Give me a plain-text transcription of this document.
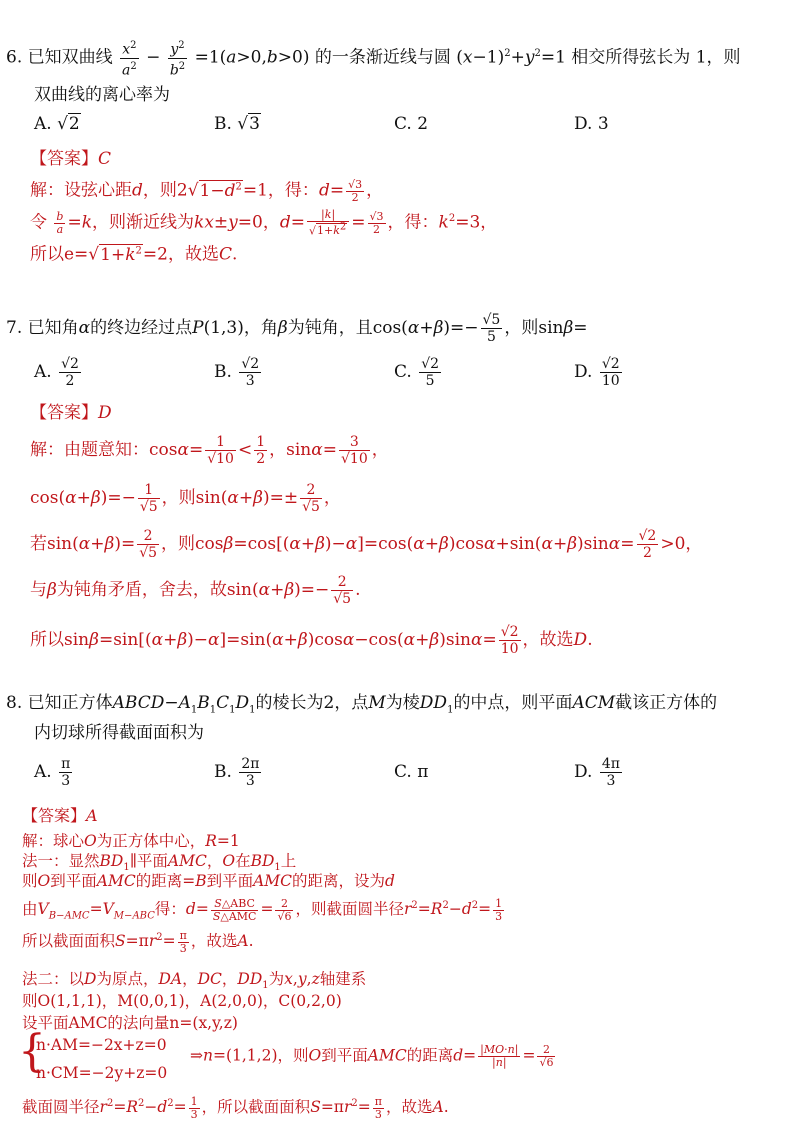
6. 已知双曲线 $\frac{x^2}{a^2} - \frac{y^2}{b^2} =1(a>0,b>0)$ 的一条渐近线与圆 $(x-1)^2+y^2=1$ 相交所得弦长为 1，则
双曲线的离心率为
A. √2	B. √3	C. 2	D. 3
【答案】C
解：设弦心距d，则$2√1-d^2=1$，得：$d= \frac{√3}{2}$ ，
令 $\frac{b}{a} =k$，则渐近线为kx±y=0，$d= \frac{|k|}{√1+k^2} = \frac{√3}{2}$ ，得：$k^2=3$，
所以$e=√1+k^2=2$，故选C.
7. 已知角α的终边经过点P(1,3)，角β为钝角，且$\cos(\alpha+\beta)=- \frac{√5}{5}$ ，则sinβ=
A. $\frac{√2}{2}$	B. $\frac{√2}{3}$	C. $\frac{√2}{5}$	D. $\frac{√2}{10}$
【答案】D
解：由题意知：$\cos\alpha= \frac{1}{√10} < \frac{1}{2}$ ，$\sin\alpha= \frac{3}{√10}$ ，
$\cos(\alpha+\beta)=- \frac{1}{√5}$ ，则$\sin(\alpha+\beta)=\pm \frac{2}{√5}$ ，
若$\sin(\alpha+\beta)= \frac{2}{√5}$ ，则$\cos\beta=\cos[(\alpha+\beta)-\alpha]=\cos(\alpha+\beta)\cos\alpha+\sin(\alpha+\beta)\sin\alpha= \frac{√2}{2} >0$，
与β为钝角矛盾，舍去，故$\sin(\alpha+\beta)=- \frac{2}{√5}$ .
所以$\sin\beta=\sin[(\alpha+\beta)-\alpha]=\sin(\alpha+\beta)\cos\alpha-\cos(\alpha+\beta)\sin\alpha= \frac{√2}{10}$ ，故选D.
8. 已知正方体$ABCD-A_1B_1C_1D_1$的棱长为2，点M为棱$DD_1$的中点，则平面ACM截该正方体的
内切球所得截面面积为
A. $\frac{\pi}{3}$	B. $\frac{2\pi}{3}$	C. π	D. $\frac{4\pi}{3}$
【答案】A
解：球心O为正方体中心，R=1
法一：显然$BD_1\parallel$平面AMC，O在$BD_1$上
则O到平面AMC的距离=B到平面AMC的距离，设为d
由$V_{B-AMC}=V_{M-ABC}$得：$d= \frac{\text{S△ABC}}{\text{S△AMC}} = \frac{2}{√6}$ ，则截面圆半径$r^2=R^2-d^2= \frac{1}{3}$
所以截面面积$S=\pi r^2= \frac{\pi}{3}$ ，故选A.
法二：以D为原点，DA，DC，$DD_1$为x,y,z轴建系
则O(1,1,1)，M(0,0,1)，A(2,0,0)，C(0,2,0)
设平面AMC的法向量n=(x,y,z)
{
n·AM=−2x+z=0
n·CM=−2y+z=0
⇒n=(1,1,2)，则O到平面AMC的距离$d= \frac{|MO\cdot n|}{|n|} = \frac{2}{√6}$
截面圆半径$r^2=R^2-d^2= \frac{1}{3}$ ，所以截面面积$S=\pi r^2= \frac{\pi}{3}$ ，故选A.
